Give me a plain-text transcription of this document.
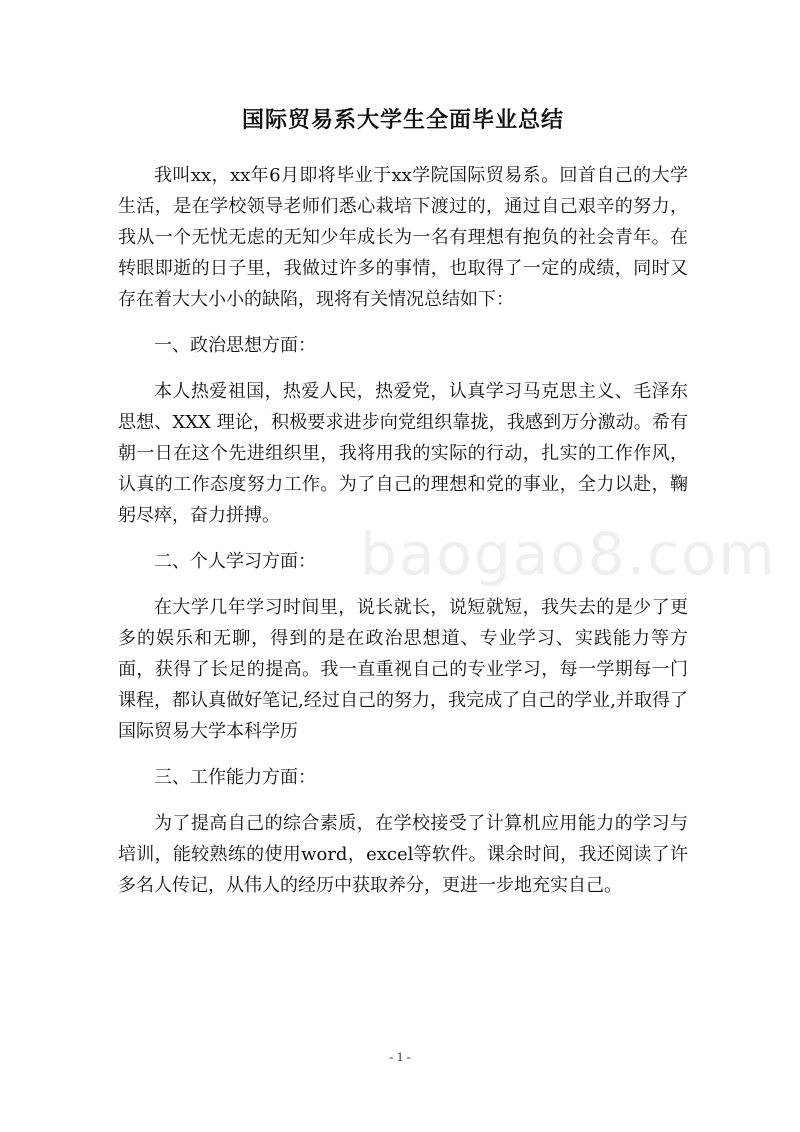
国际贸易系大学生全面毕业总结

我叫xx，xx年6月即将毕业于xx学院国际贸易系。回首自己的大学生活，是在学校领导老师们悉心栽培下渡过的，通过自己艰辛的努力，我从一个无忧无虑的无知少年成长为一名有理想有抱负的社会青年。在转眼即逝的日子里，我做过许多的事情，也取得了一定的成绩，同时又存在着大大小小的缺陷，现将有关情况总结如下：

一、政治思想方面：

本人热爱祖国，热爱人民，热爱党，认真学习马克思主义、毛泽东思想、XXX 理论，积极要求进步向党组织靠拢，我感到万分激动。希有朝一日在这个先进组织里，我将用我的实际的行动，扎实的工作作风，认真的工作态度努力工作。为了自己的理想和党的事业，全力以赴，鞠躬尽瘁，奋力拼搏。

二、个人学习方面：

在大学几年学习时间里，说长就长，说短就短，我失去的是少了更多的娱乐和无聊，得到的是在政治思想道、专业学习、实践能力等方面，获得了长足的提高。我一直重视自己的专业学习，每一学期每一门课程，都认真做好笔记,经过自己的努力，我完成了自己的学业,并取得了国际贸易大学本科学历

三、工作能力方面：

为了提高自己的综合素质，在学校接受了计算机应用能力的学习与培训，能较熟练的使用word，excel等软件。课余时间，我还阅读了许多名人传记，从伟人的经历中获取养分，更进一步地充实自己。

baogao8.com
- 1 -
